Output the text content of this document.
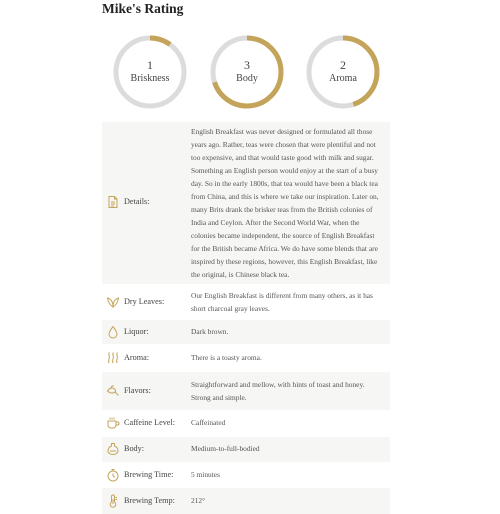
Mike's Rating
1
Briskness
3
Body
2
Aroma
Details:
English Breakfast was never designed or formulated all those
years ago. Rather, teas were chosen that were plentiful and not
too expensive, and that would taste good with milk and sugar.
Something an English person would enjoy at the start of a busy
day. So in the early 1800s, that tea would have been a black tea
from China, and this is where we take our inspiration. Later on,
many Brits drank the brisker teas from the British colonies of
India and Ceylon. After the Second World War, when the
colonies became independent, the source of English Breakfast
for the British became Africa. We do have some blends that are
inspired by these regions, however, this English Breakfast, like
the original, is Chinese black tea.
Dry Leaves:
Our English Breakfast is different from many others, as it has
short charcoal gray leaves.
Liquor:	Dark brown.
Aroma:	There is a toasty aroma.
Flavors:
Straightforward and mellow, with hints of toast and honey.
Strong and simple.
Caffeine Level: Caffeinated
Body:	Medium-to-full-bodied
Brewing Time: 5 minutes
Brewing Temp: 212°
